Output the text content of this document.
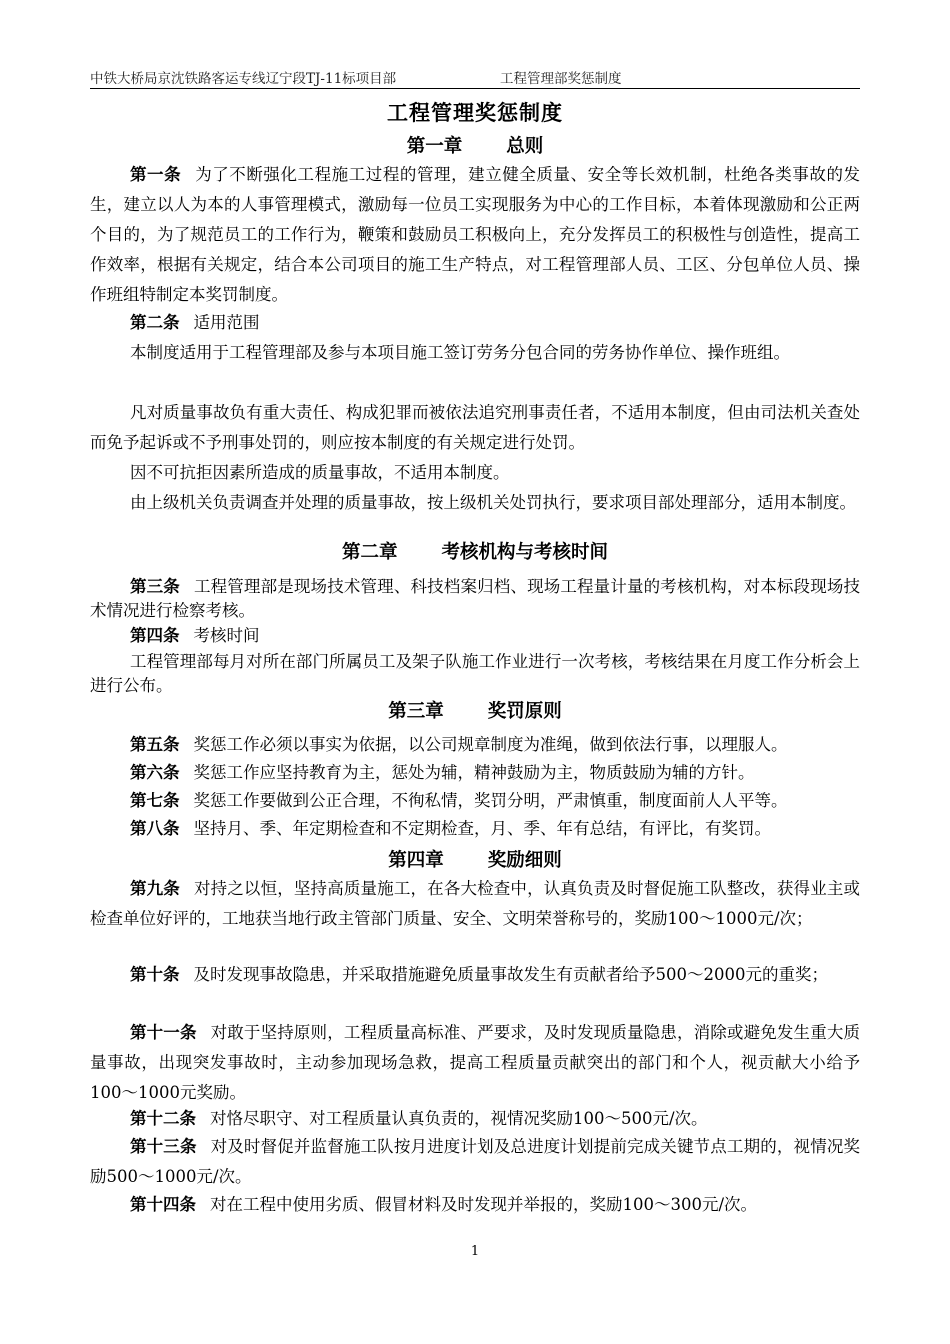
中铁大桥局京沈铁路客运专线辽宁段TJ-11标项目部	工程管理部奖惩制度
工程管理奖惩制度
第一章 总则
第一条 为了不断强化工程施工过程的管理，建立健全质量、安全等长效机制，杜绝各类事故的发生，建立以人为本的人事管理模式，激励每一位员工实现服务为中心的工作目标，本着体现激励和公正两个目的，为了规范员工的工作行为，鞭策和鼓励员工积极向上，充分发挥员工的积极性与创造性，提高工作效率，根据有关规定，结合本公司项目的施工生产特点，对工程管理部人员、工区、分包单位人员、操作班组特制定本奖罚制度。
第二条 适用范围
本制度适用于工程管理部及参与本项目施工签订劳务分包合同的劳务协作单位、操作班组。
凡对质量事故负有重大责任、构成犯罪而被依法追究刑事责任者，不适用本制度，但由司法机关查处而免予起诉或不予刑事处罚的，则应按本制度的有关规定进行处罚。
因不可抗拒因素所造成的质量事故，不适用本制度。
由上级机关负责调查并处理的质量事故，按上级机关处罚执行，要求项目部处理部分，适用本制度。
第二章 考核机构与考核时间
第三条 工程管理部是现场技术管理、科技档案归档、现场工程量计量的考核机构，对本标段现场技术情况进行检察考核。
第四条 考核时间
工程管理部每月对所在部门所属员工及架子队施工作业进行一次考核，考核结果在月度工作分析会上进行公布。
第三章 奖罚原则
第五条 奖惩工作必须以事实为依据，以公司规章制度为准绳，做到依法行事，以理服人。
第六条 奖惩工作应坚持教育为主，惩处为辅，精神鼓励为主，物质鼓励为辅的方针。
第七条 奖惩工作要做到公正合理，不徇私情，奖罚分明，严肃慎重，制度面前人人平等。
第八条 坚持月、季、年定期检查和不定期检查，月、季、年有总结，有评比，有奖罚。
第四章 奖励细则
第九条 对持之以恒，坚持高质量施工，在各大检查中，认真负责及时督促施工队整改，获得业主或检查单位好评的，工地获当地行政主管部门质量、安全、文明荣誉称号的，奖励100～1000元/次；
第十条 及时发现事故隐患，并采取措施避免质量事故发生有贡献者给予500～2000元的重奖；
第十一条 对敢于坚持原则，工程质量高标准、严要求，及时发现质量隐患，消除或避免发生重大质量事故，出现突发事故时，主动参加现场急救，提高工程质量贡献突出的部门和个人，视贡献大小给予100～1000元奖励。
第十二条 对恪尽职守、对工程质量认真负责的，视情况奖励100～500元/次。
第十三条 对及时督促并监督施工队按月进度计划及总进度计划提前完成关键节点工期的，视情况奖励500～1000元/次。
第十四条 对在工程中使用劣质、假冒材料及时发现并举报的，奖励100～300元/次。
1
